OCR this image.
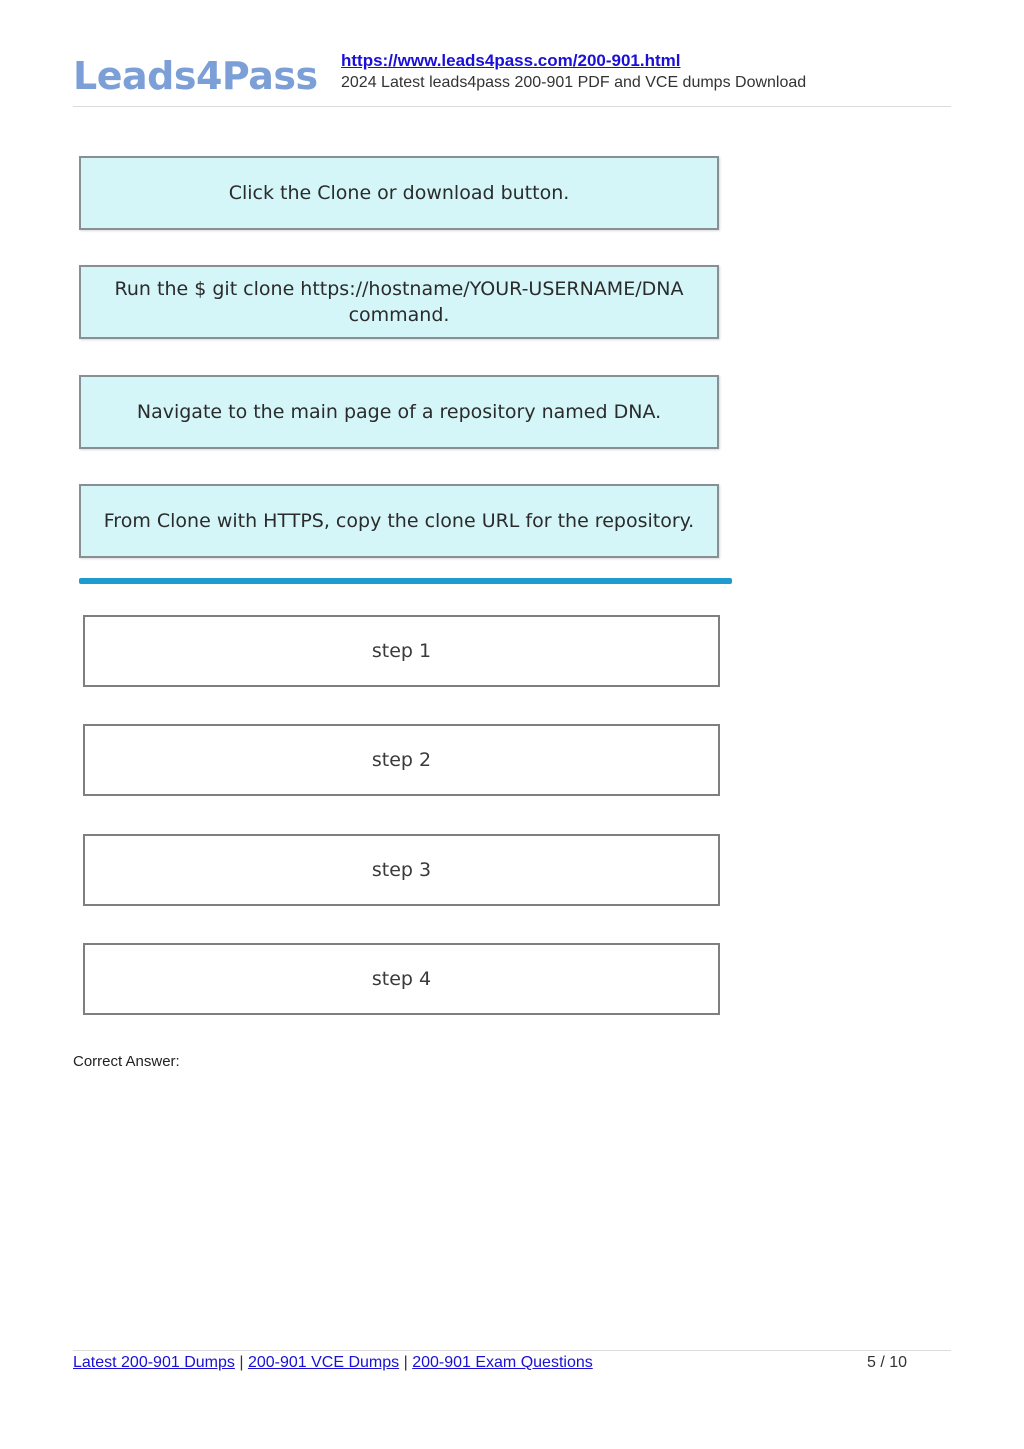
Leads4Pass https://www.leads4pass.com/200-901.html
2024 Latest leads4pass 200-901 PDF and VCE dumps Download
Click the Clone or download button.
Run the $ git clone https://hostname/YOUR-USERNAME/DNA command.
Navigate to the main page of a repository named DNA.
From Clone with HTTPS, copy the clone URL for the repository.
step 1
step 2
step 3
step 4
Correct Answer:
Latest 200-901 Dumps | 200-901 VCE Dumps | 200-901 Exam Questions	5 / 10
